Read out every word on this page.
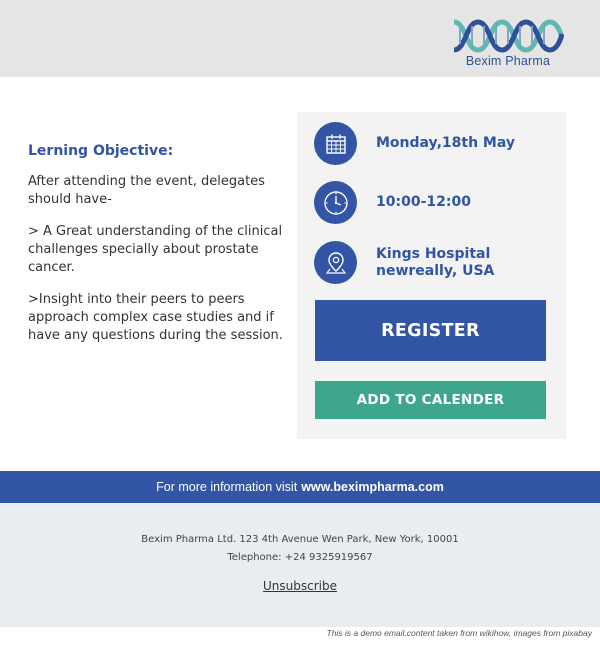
Bexim Pharma
Lerning Objective:

After attending the event, delegates should have-

> A Great understanding of the clinical challenges specially about prostate cancer.

>Insight into their peers to peers approach complex case studies and if have any questions during the session.

Monday,18th May
10:00-12:00
Kings Hospital
newreally, USA
REGISTER
ADD TO CALENDER
For more information visit www.beximpharma.com
Bexim Pharma Ltd. 123 4th Avenue Wen Park, New York, 10001
Telephone: +24 9325919567
Unsubscribe
This is a demo email,content taken from wikihow, images from pixabay
